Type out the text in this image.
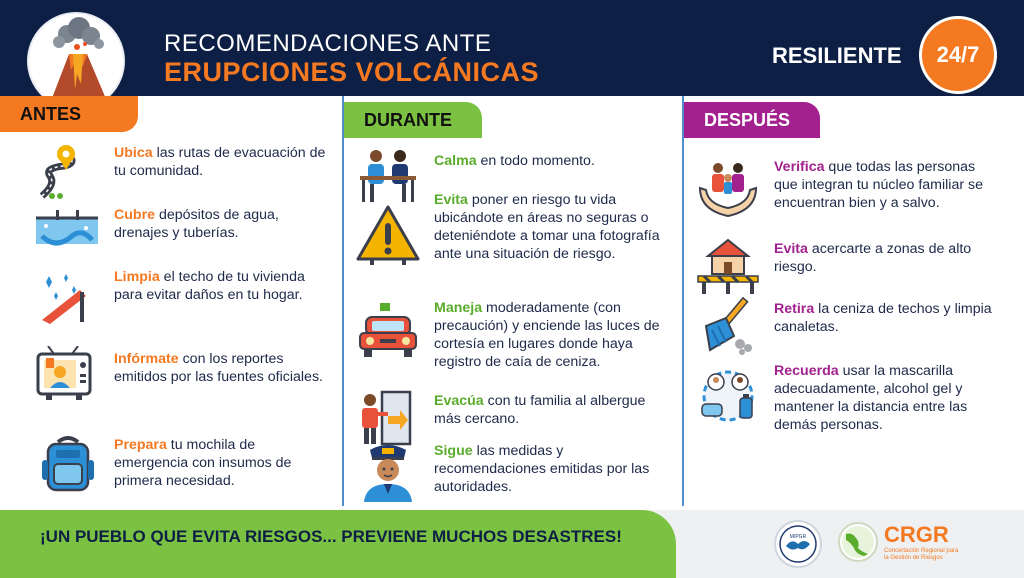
RECOMENDACIONES ANTE
ERUPCIONES VOLCÁNICAS
RESILIENTE	24/7
ANTES
Ubica las rutas de evacuación de tu comunidad.
Cubre depósitos de agua, drenajes y tuberías.
Limpia el techo de tu vivienda para evitar daños en tu hogar.
Infórmate con los reportes emitidos por las fuentes oficiales.
Prepara tu mochila de emergencia con insumos de primera necesidad.
DURANTE
Calma en todo momento.
Evita poner en riesgo tu vida ubicándote en áreas no seguras o deteniéndote a tomar una fotografía ante una situación de riesgo.
Maneja moderadamente (con precaución) y enciende las luces de cortesía en lugares donde haya registro de caía de ceniza.
Evacúa con tu familia al albergue más cercano.
Sigue las medidas y recomendaciones emitidas por las autoridades.
DESPUÉS
Verifica que todas las personas que integran tu núcleo familiar se encuentran bien y a salvo.
Evita acercarte a zonas de alto riesgo.
Retira la ceniza de techos y limpia canaletas.
Recuerda usar la mascarilla adecuadamente, alcohol gel y mantener la distancia entre las demás personas.
¡UN PUEBLO QUE EVITA RIESGOS... PREVIENE MUCHOS DESASTRES!	MIPGR	CRGR
Concertación Regional para la Gestión de Riesgos
